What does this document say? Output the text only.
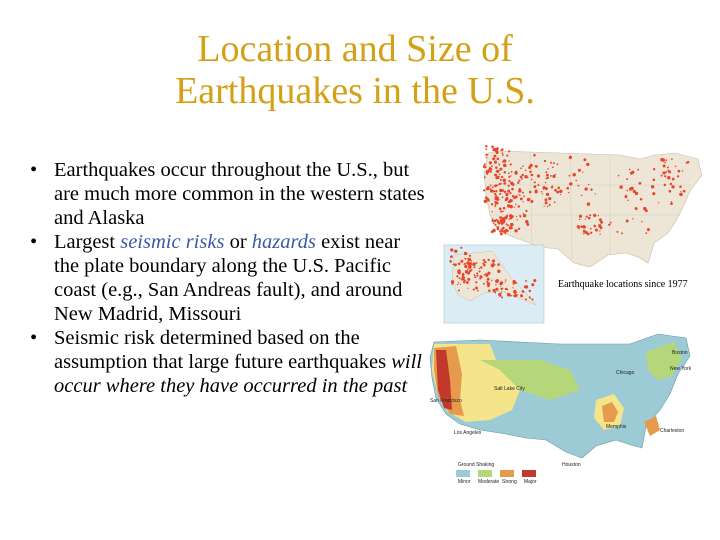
Location and Size of
Earthquakes in the U.S.
• Earthquakes occur throughout the U.S., but are much more common in the western states and Alaska
• Largest seismic risks or hazards exist near the plate boundary along the U.S. Pacific coast (e.g., San Andreas fault), and around New Madrid, Missouri
• Seismic risk determined based on the assumption that large future earthquakes will occur where they have occurred in the past
Earthquake locations since 1977
San Francisco
Los Angeles
Salt Lake City
Chicago
Boston
New York
Memphis
Charleston
Houston
Ground Shaking
Minor Moderate Strong Major
